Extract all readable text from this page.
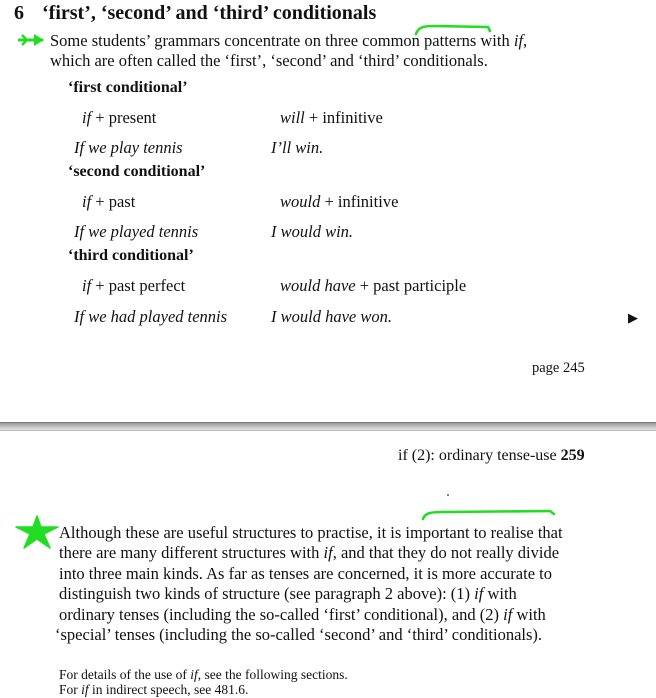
6 ‘first’, ‘second’ and ‘third’ conditionals
Some students’ grammars concentrate on three common patterns with if,
which are often called the ‘first’, ‘second’ and ‘third’ conditionals.
‘first conditional’
if + present	will + infinitive
If we play tennis	I’ll win.
‘second conditional’
if + past	would + infinitive
If we played tennis	I would win.
‘third conditional’
if + past perfect	would have + past participle
If we had played tennis	I would have won.	▶
page 245
if (2): ordinary tense-use 259
Although these are useful structures to practise, it is important to realise that
there are many different structures with if, and that they do not really divide
into three main kinds. As far as tenses are concerned, it is more accurate to
distinguish two kinds of structure (see paragraph 2 above): (1) if with
ordinary tenses (including the so-called ‘first’ conditional), and (2) if with
‘special’ tenses (including the so-called ‘second’ and ‘third’ conditionals).
For details of the use of if, see the following sections.
For if in indirect speech, see 481.6.
